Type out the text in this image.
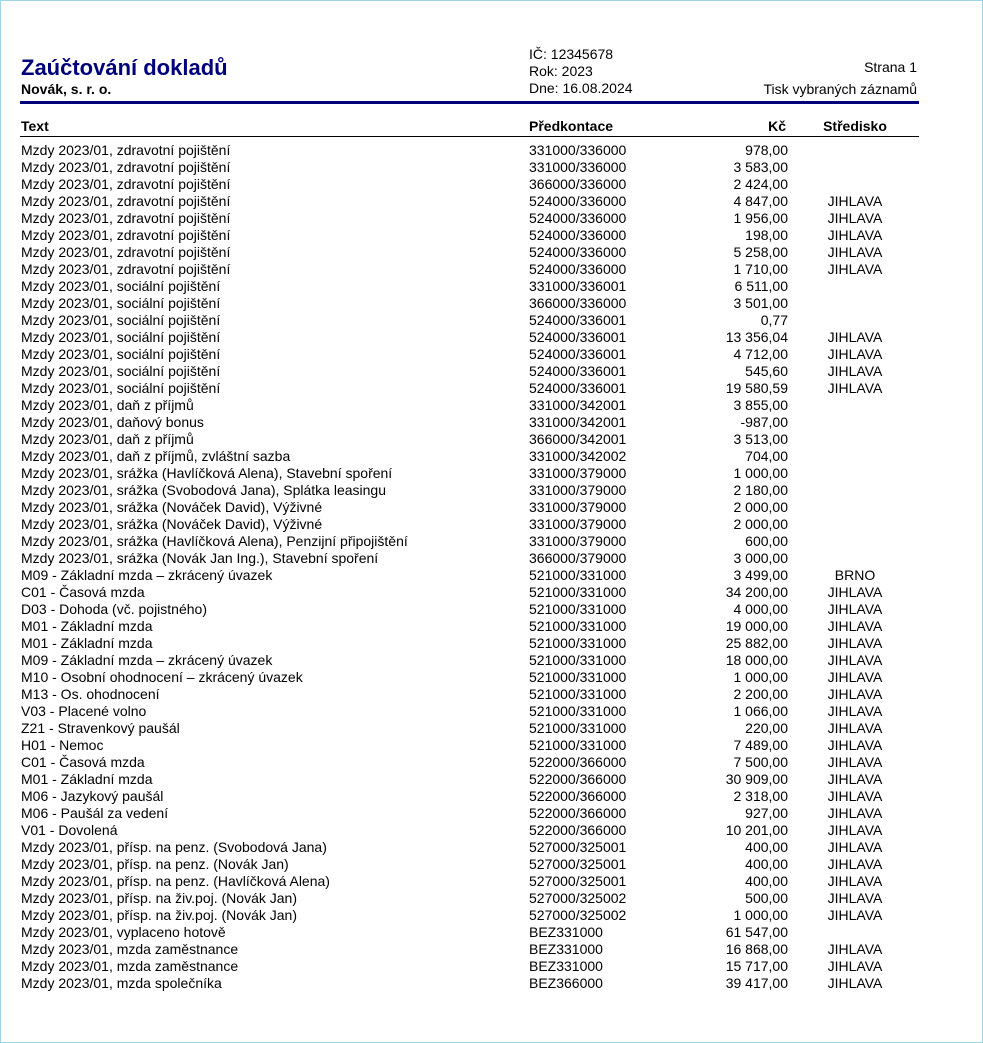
Zaúčtování dokladů
Novák, s. r. o.
IČ: 12345678
Rok: 2023
Dne: 16.08.2024
Strana 1
Tisk vybraných záznamů
Text	Předkontace	Kč	Středisko
Mzdy 2023/01, zdravotní pojištění	331000/336000	978,00
Mzdy 2023/01, zdravotní pojištění	331000/336000	3 583,00
Mzdy 2023/01, zdravotní pojištění	366000/336000	2 424,00
Mzdy 2023/01, zdravotní pojištění	524000/336000	4 847,00	JIHLAVA
Mzdy 2023/01, zdravotní pojištění	524000/336000	1 956,00	JIHLAVA
Mzdy 2023/01, zdravotní pojištění	524000/336000	198,00	JIHLAVA
Mzdy 2023/01, zdravotní pojištění	524000/336000	5 258,00	JIHLAVA
Mzdy 2023/01, zdravotní pojištění	524000/336000	1 710,00	JIHLAVA
Mzdy 2023/01, sociální pojištění	331000/336001	6 511,00
Mzdy 2023/01, sociální pojištění	366000/336000	3 501,00
Mzdy 2023/01, sociální pojištění	524000/336001	0,77
Mzdy 2023/01, sociální pojištění	524000/336001	13 356,04	JIHLAVA
Mzdy 2023/01, sociální pojištění	524000/336001	4 712,00	JIHLAVA
Mzdy 2023/01, sociální pojištění	524000/336001	545,60	JIHLAVA
Mzdy 2023/01, sociální pojištění	524000/336001	19 580,59	JIHLAVA
Mzdy 2023/01, daň z příjmů	331000/342001	3 855,00
Mzdy 2023/01, daňový bonus	331000/342001	-987,00
Mzdy 2023/01, daň z příjmů	366000/342001	3 513,00
Mzdy 2023/01, daň z příjmů, zvláštní sazba	331000/342002	704,00
Mzdy 2023/01, srážka (Havlíčková Alena), Stavební spoření	331000/379000	1 000,00
Mzdy 2023/01, srážka (Svobodová Jana), Splátka leasingu	331000/379000	2 180,00
Mzdy 2023/01, srážka (Nováček David), Výživné	331000/379000	2 000,00
Mzdy 2023/01, srážka (Nováček David), Výživné	331000/379000	2 000,00
Mzdy 2023/01, srážka (Havlíčková Alena), Penzijní připojištění	331000/379000	600,00
Mzdy 2023/01, srážka (Novák Jan Ing.), Stavební spoření	366000/379000	3 000,00
M09 - Základní mzda – zkrácený úvazek	521000/331000	3 499,00	BRNO
C01 - Časová mzda	521000/331000	34 200,00	JIHLAVA
D03 - Dohoda (vč. pojistného)	521000/331000	4 000,00	JIHLAVA
M01 - Základní mzda	521000/331000	19 000,00	JIHLAVA
M01 - Základní mzda	521000/331000	25 882,00	JIHLAVA
M09 - Základní mzda – zkrácený úvazek	521000/331000	18 000,00	JIHLAVA
M10 - Osobní ohodnocení – zkrácený úvazek	521000/331000	1 000,00	JIHLAVA
M13 - Os. ohodnocení	521000/331000	2 200,00	JIHLAVA
V03 - Placené volno	521000/331000	1 066,00	JIHLAVA
Z21 - Stravenkový paušál	521000/331000	220,00	JIHLAVA
H01 - Nemoc	521000/331000	7 489,00	JIHLAVA
C01 - Časová mzda	522000/366000	7 500,00	JIHLAVA
M01 - Základní mzda	522000/366000	30 909,00	JIHLAVA
M06 - Jazykový paušál	522000/366000	2 318,00	JIHLAVA
M06 - Paušál za vedení	522000/366000	927,00	JIHLAVA
V01 - Dovolená	522000/366000	10 201,00	JIHLAVA
Mzdy 2023/01, přísp. na penz. (Svobodová Jana)	527000/325001	400,00	JIHLAVA
Mzdy 2023/01, přísp. na penz. (Novák Jan)	527000/325001	400,00	JIHLAVA
Mzdy 2023/01, přísp. na penz. (Havlíčková Alena)	527000/325001	400,00	JIHLAVA
Mzdy 2023/01, přísp. na živ.poj. (Novák Jan)	527000/325002	500,00	JIHLAVA
Mzdy 2023/01, přísp. na živ.poj. (Novák Jan)	527000/325002	1 000,00	JIHLAVA
Mzdy 2023/01, vyplaceno hotově	BEZ331000	61 547,00
Mzdy 2023/01, mzda zaměstnance	BEZ331000	16 868,00	JIHLAVA
Mzdy 2023/01, mzda zaměstnance	BEZ331000	15 717,00	JIHLAVA
Mzdy 2023/01, mzda společníka	BEZ366000	39 417,00	JIHLAVA
